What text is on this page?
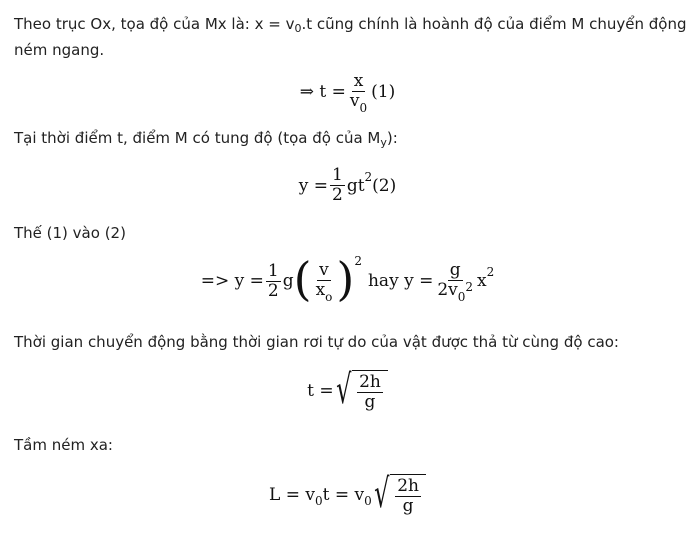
Theo trục Ox, tọa độ của Mx là: $x = v_0.t$ cũng chính là hoành độ của điểm M chuyển động
ném ngang.
⇒ $t = \frac{x}{v_0} (1)$
Tại thời điểm t, điểm M có tung độ (tọa độ của $M_y$):
$y = \frac{1}{2}$ gt 2 (2)
Thế (1) vào (2)
=> $y = \frac{1}{2}$ g ( $\frac{v}{x_o}$ ) 2
hay $y = \frac{g}{2v_0^2}$ x 2
Thời gian chuyển động bằng thời gian rơi tự do của vật được thả từ cùng độ cao:
t = √ $\frac{2h}{g}$
Tầm ném xa:
L = v 0 t = v 0 √ $\frac{2h}{g}$
